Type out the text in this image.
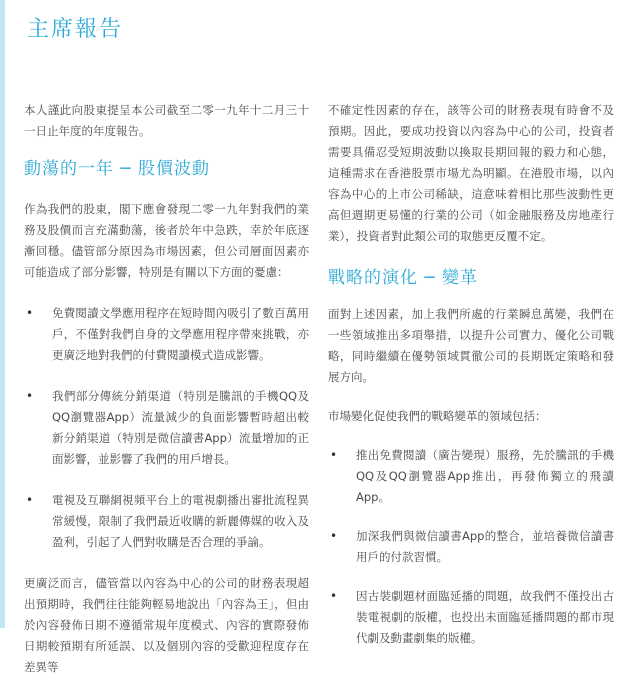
主席報告

本人謹此向股東提呈本公司截至二零一九年十二月三十一日止年度的年度報告。

動蕩的一年 ─ 股價波動

作為我們的股東，閣下應會發現二零一九年對我們的業務及股價而言充滿動蕩，後者於年中急跌，幸於年底逐漸回穩。儘管部分原因為市場因素，但公司層面因素亦可能造成了部分影響，特別是有關以下方面的憂慮：

• 免費閱讀文學應用程序在短時間內吸引了數百萬用戶，不僅對我們自身的文學應用程序帶來挑戰，亦更廣泛地對我們的付費閱讀模式造成影響。
• 我們部分傳統分銷渠道（特別是騰訊的手機QQ及QQ瀏覽器App）流量減少的負面影響暫時超出較新分銷渠道（特別是微信讀書App）流量增加的正面影響，並影響了我們的用戶增長。
• 電視及互聯網視頻平台上的電視劇播出審批流程異常緩慢，限制了我們最近收購的新麗傳媒的收入及盈利，引起了人們對收購是否合理的爭論。

更廣泛而言，儘管當以內容為中心的公司的財務表現超出預期時，我們往往能夠輕易地說出「內容為王」，但由於內容發佈日期不遵循常規年度模式、內容的實際發佈日期較預期有所延誤、以及個別內容的受歡迎程度存在差異等

不確定性因素的存在，該等公司的財務表現有時會不及預期。因此，要成功投資以內容為中心的公司，投資者需要具備忍受短期波動以換取長期回報的毅力和心態，這種需求在香港股票市場尤為明顯。在港股市場，以內容為中心的上市公司稀缺，這意味着相比那些波動性更高但週期更易懂的行業的公司（如金融服務及房地產行業），投資者對此類公司的取態更反覆不定。

戰略的演化 ─ 變革

面對上述因素，加上我們所處的行業瞬息萬變，我們在一些領域推出多項舉措，以提升公司實力、優化公司戰略，同時繼續在優勢領域貫徹公司的長期既定策略和發展方向。

市場變化促使我們的戰略變革的領域包括：

• 推出免費閱讀（廣告變現）服務，先於騰訊的手機QQ及QQ瀏覽器App推出，再發佈獨立的飛讀App。
• 加深我們與微信讀書App的整合，並培養微信讀書用戶的付款習慣。
• 因古裝劇題材面臨延播的問題，故我們不僅投出古裝電視劇的版權，也投出未面臨延播問題的都市現代劇及動畫劇集的版權。
